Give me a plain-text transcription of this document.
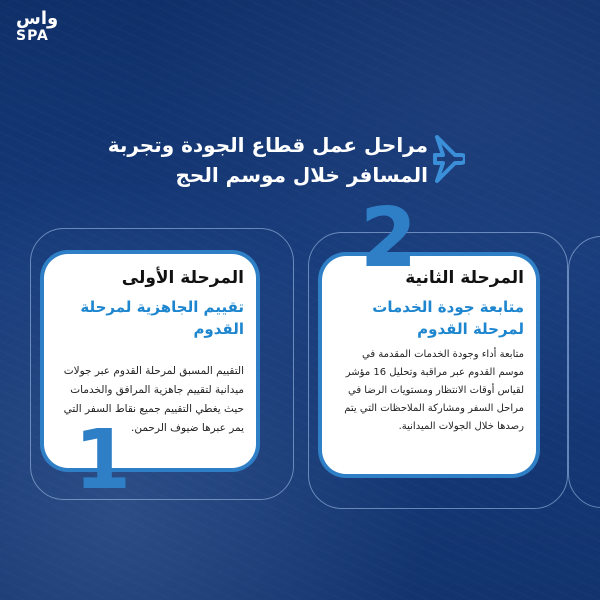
واس
SPA
مراحل عمل قطاع الجودة وتجربة
المسافر خلال موسم الحج
المرحلة الأولى
تقييم الجاهزية لمرحلة القدوم
التقييم المسبق لمرحلة القدوم عبر جولات ميدانية لتقييم جاهزية المرافق والخدمات حيث يغطي التقييم جميع نقاط السفر التي يمر عبرها ضيوف الرحمن.
1
المرحلة الثانية
متابعة جودة الخدمات لمرحلة القدوم
متابعة أداء وجودة الخدمات المقدمة في موسم القدوم عبر مراقبة وتحليل 16 مؤشر لقياس أوقات الانتظار ومستويات الرضا في مراحل السفر ومشاركة الملاحظات التي يتم رصدها خلال الجولات الميدانية.
2
